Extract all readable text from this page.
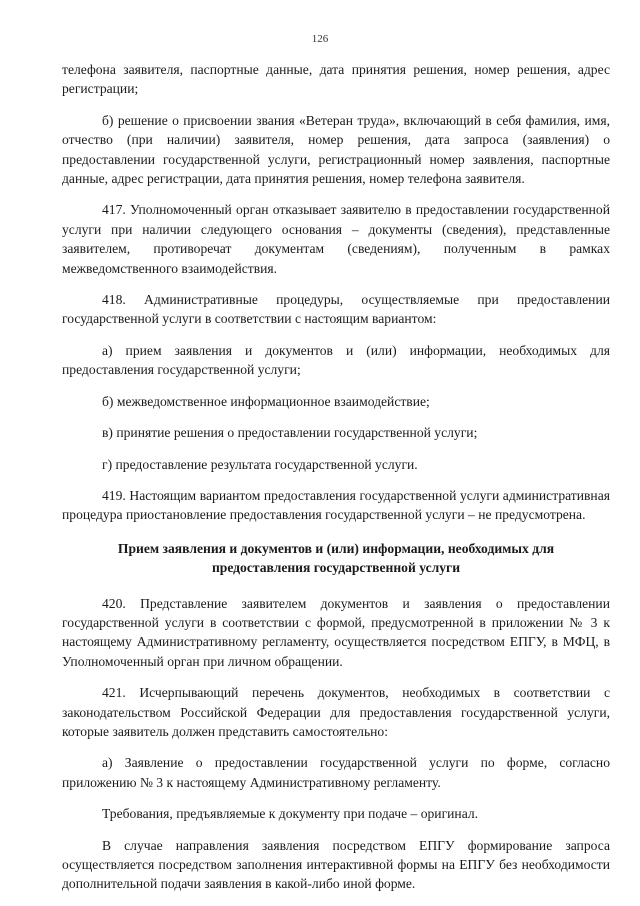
126

телефона заявителя, паспортные данные, дата принятия решения, номер решения, адрес регистрации;

б) решение о присвоении звания «Ветеран труда», включающий в себя фамилия, имя, отчество (при наличии) заявителя, номер решения, дата запроса (заявления) о предоставлении государственной услуги, регистрационный номер заявления, паспортные данные, адрес регистрации, дата принятия решения, номер телефона заявителя.

417. Уполномоченный орган отказывает заявителю в предоставлении государственной услуги при наличии следующего основания – документы (сведения), представленные заявителем, противоречат документам (сведениям), полученным в рамках межведомственного взаимодействия.

418. Административные процедуры, осуществляемые при предоставлении государственной услуги в соответствии с настоящим вариантом:

а) прием заявления и документов и (или) информации, необходимых для предоставления государственной услуги;

б) межведомственное информационное взаимодействие;

в) принятие решения о предоставлении государственной услуги;

г) предоставление результата государственной услуги.

419. Настоящим вариантом предоставления государственной услуги административная процедура приостановление предоставления государственной услуги – не предусмотрена.

Прием заявления и документов и (или) информации, необходимых для предоставления государственной услуги

420. Представление заявителем документов и заявления о предоставлении государственной услуги в соответствии с формой, предусмотренной в приложении № 3 к настоящему Административному регламенту, осуществляется посредством ЕПГУ, в МФЦ, в Уполномоченный орган при личном обращении.

421. Исчерпывающий перечень документов, необходимых в соответствии с законодательством Российской Федерации для предоставления государственной услуги, которые заявитель должен представить самостоятельно:

а) Заявление о предоставлении государственной услуги по форме, согласно приложению № 3 к настоящему Административному регламенту.

Требования, предъявляемые к документу при подаче – оригинал.

В случае направления заявления посредством ЕПГУ формирование запроса осуществляется посредством заполнения интерактивной формы на ЕПГУ без необходимости дополнительной подачи заявления в какой-либо иной форме.
